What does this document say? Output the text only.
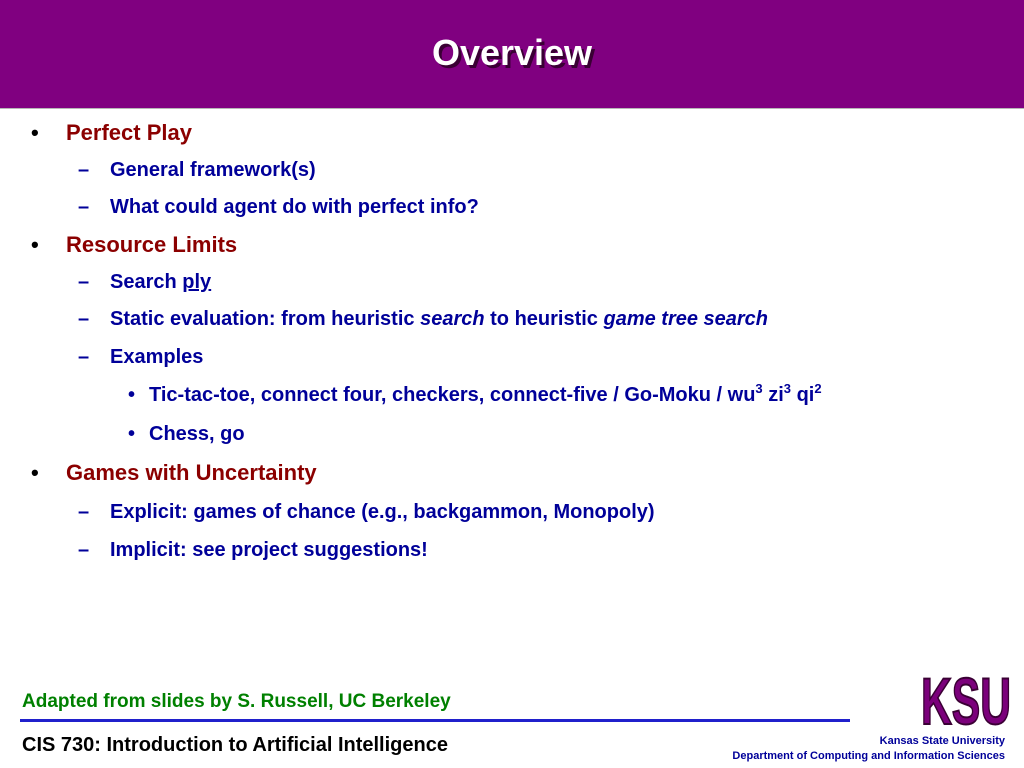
Overview
• Perfect Play
– General framework(s)
– What could agent do with perfect info?
• Resource Limits
– Search ply
– Static evaluation: from heuristic search to heuristic game tree search
– Examples
• Tic-tac-toe, connect four, checkers, connect-five / Go-Moku / $wu^3$ $zi^3$ $qi^2$
• Chess, go
• Games with Uncertainty
– Explicit: games of chance (e.g., backgammon, Monopoly)
– Implicit: see project suggestions!
Adapted from slides by S. Russell, UC Berkeley
CIS 730: Introduction to Artificial Intelligence	Kansas State University
Department of Computing and Information Sciences
KSU
